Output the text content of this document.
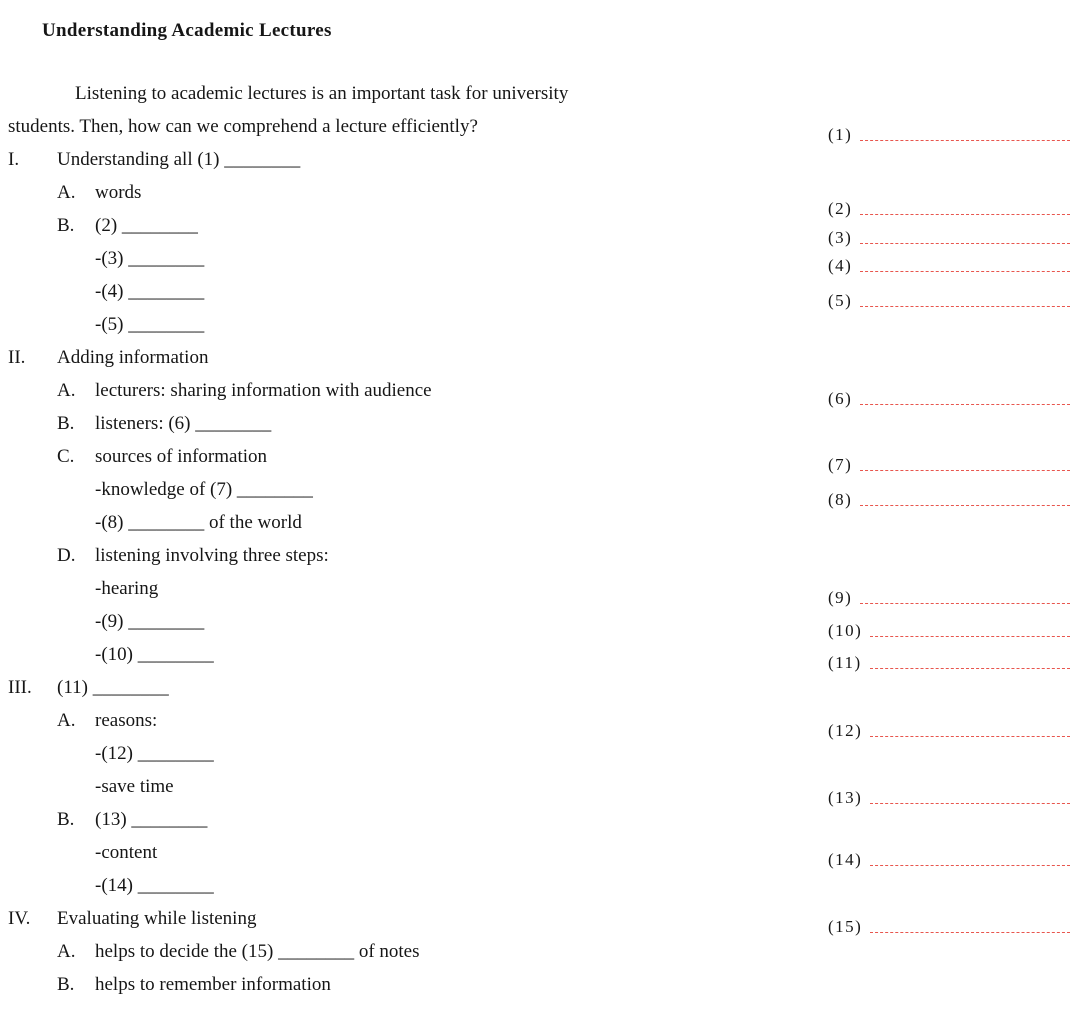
Understanding Academic Lectures
Listening to academic lectures is an important task for university
students. Then, how can we comprehend a lecture efficiently?
I.	Understanding all (1) ________
A.	words
B.	(2) ________
-(3) ________
-(4) ________
-(5) ________
II.	Adding information
A.	lecturers: sharing information with audience
B.	listeners: (6) ________
C.	sources of information
-knowledge of (7) ________
-(8) ________ of the world
D.	listening involving three steps:
-hearing
-(9) ________
-(10) ________
III.	(11) ________
A.	reasons:
-(12) ________
-save time
B.	(13) ________
-content
-(14) ________
IV.	Evaluating while listening
A.	helps to decide the (15) ________ of notes
B.	helps to remember information
(1)
(2)
(3)
(4)
(5)
(6)
(7)
(8)
(9)
(10)
(11)
(12)
(13)
(14)
(15)
